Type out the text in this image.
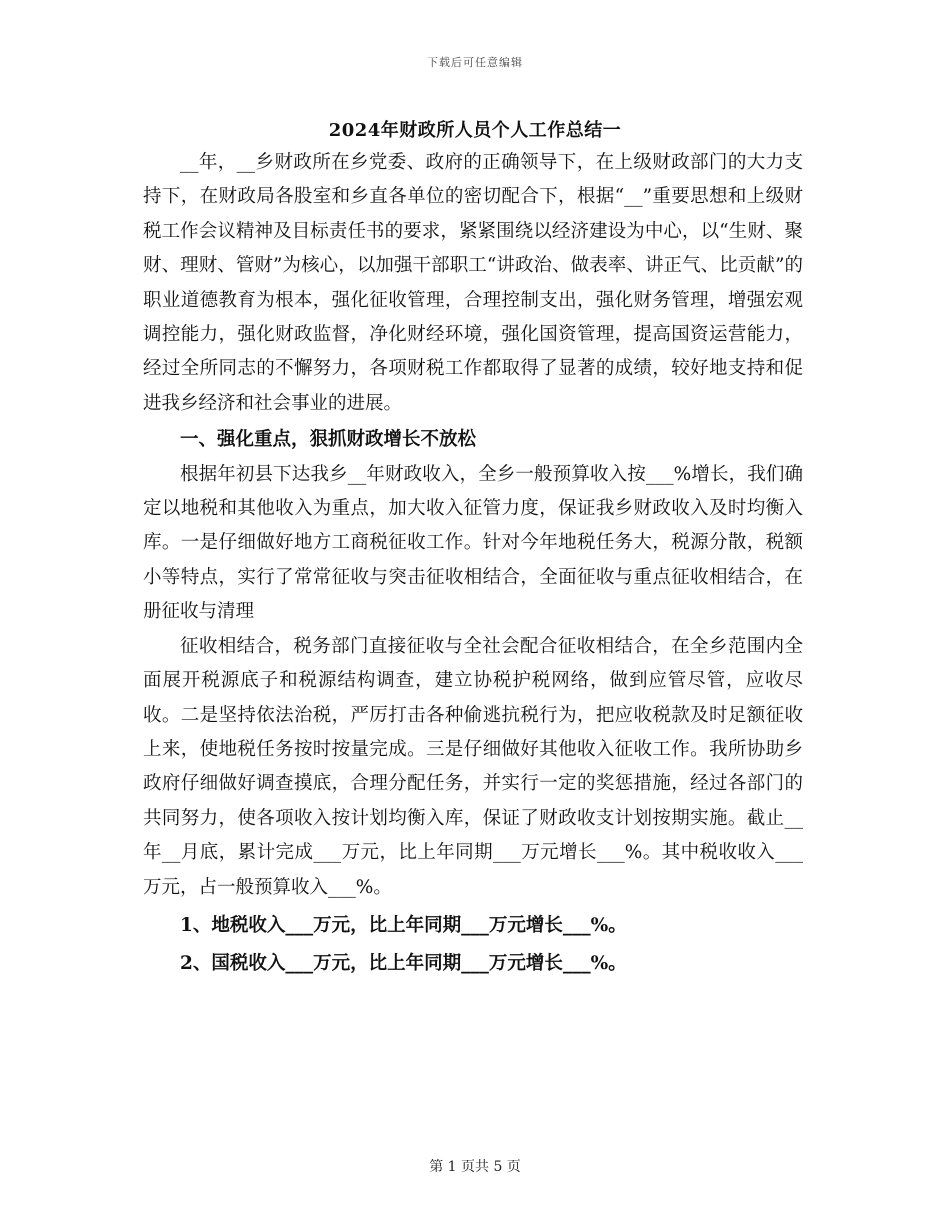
下载后可任意编辑
2024年财政所人员个人工作总结一

__年，__乡财政所在乡党委、政府的正确领导下，在上级财政部门的大力支持下，在财政局各股室和乡直各单位的密切配合下，根据“__”重要思想和上级财税工作会议精神及目标责任书的要求，紧紧围绕以经济建设为中心，以“生财、聚财、理财、管财”为核心，以加强干部职工“讲政治、做表率、讲正气、比贡献”的职业道德教育为根本，强化征收管理，合理控制支出，强化财务管理，增强宏观调控能力，强化财政监督，净化财经环境，强化国资管理，提高国资运营能力，经过全所同志的不懈努力，各项财税工作都取得了显著的成绩，较好地支持和促进我乡经济和社会事业的进展。

一、强化重点，狠抓财政增长不放松

根据年初县下达我乡__年财政收入，全乡一般预算收入按___%增长，我们确定以地税和其他收入为重点，加大收入征管力度，保证我乡财政收入及时均衡入库。一是仔细做好地方工商税征收工作。针对今年地税任务大，税源分散，税额小等特点，实行了常常征收与突击征收相结合，全面征收与重点征收相结合，在册征收与清理

征收相结合，税务部门直接征收与全社会配合征收相结合，在全乡范围内全面展开税源底子和税源结构调查，建立协税护税网络，做到应管尽管，应收尽收。二是坚持依法治税，严厉打击各种偷逃抗税行为，把应收税款及时足额征收上来，使地税任务按时按量完成。三是仔细做好其他收入征收工作。我所协助乡政府仔细做好调查摸底，合理分配任务，并实行一定的奖惩措施，经过各部门的共同努力，使各项收入按计划均衡入库，保证了财政收支计划按期实施。截止__年__月底，累计完成___万元，比上年同期___万元增长___%。其中税收收入___万元，占一般预算收入___%。

1、地税收入___万元，比上年同期___万元增长___%。

2、国税收入___万元，比上年同期___万元增长___%。

第 1 页共 5 页
